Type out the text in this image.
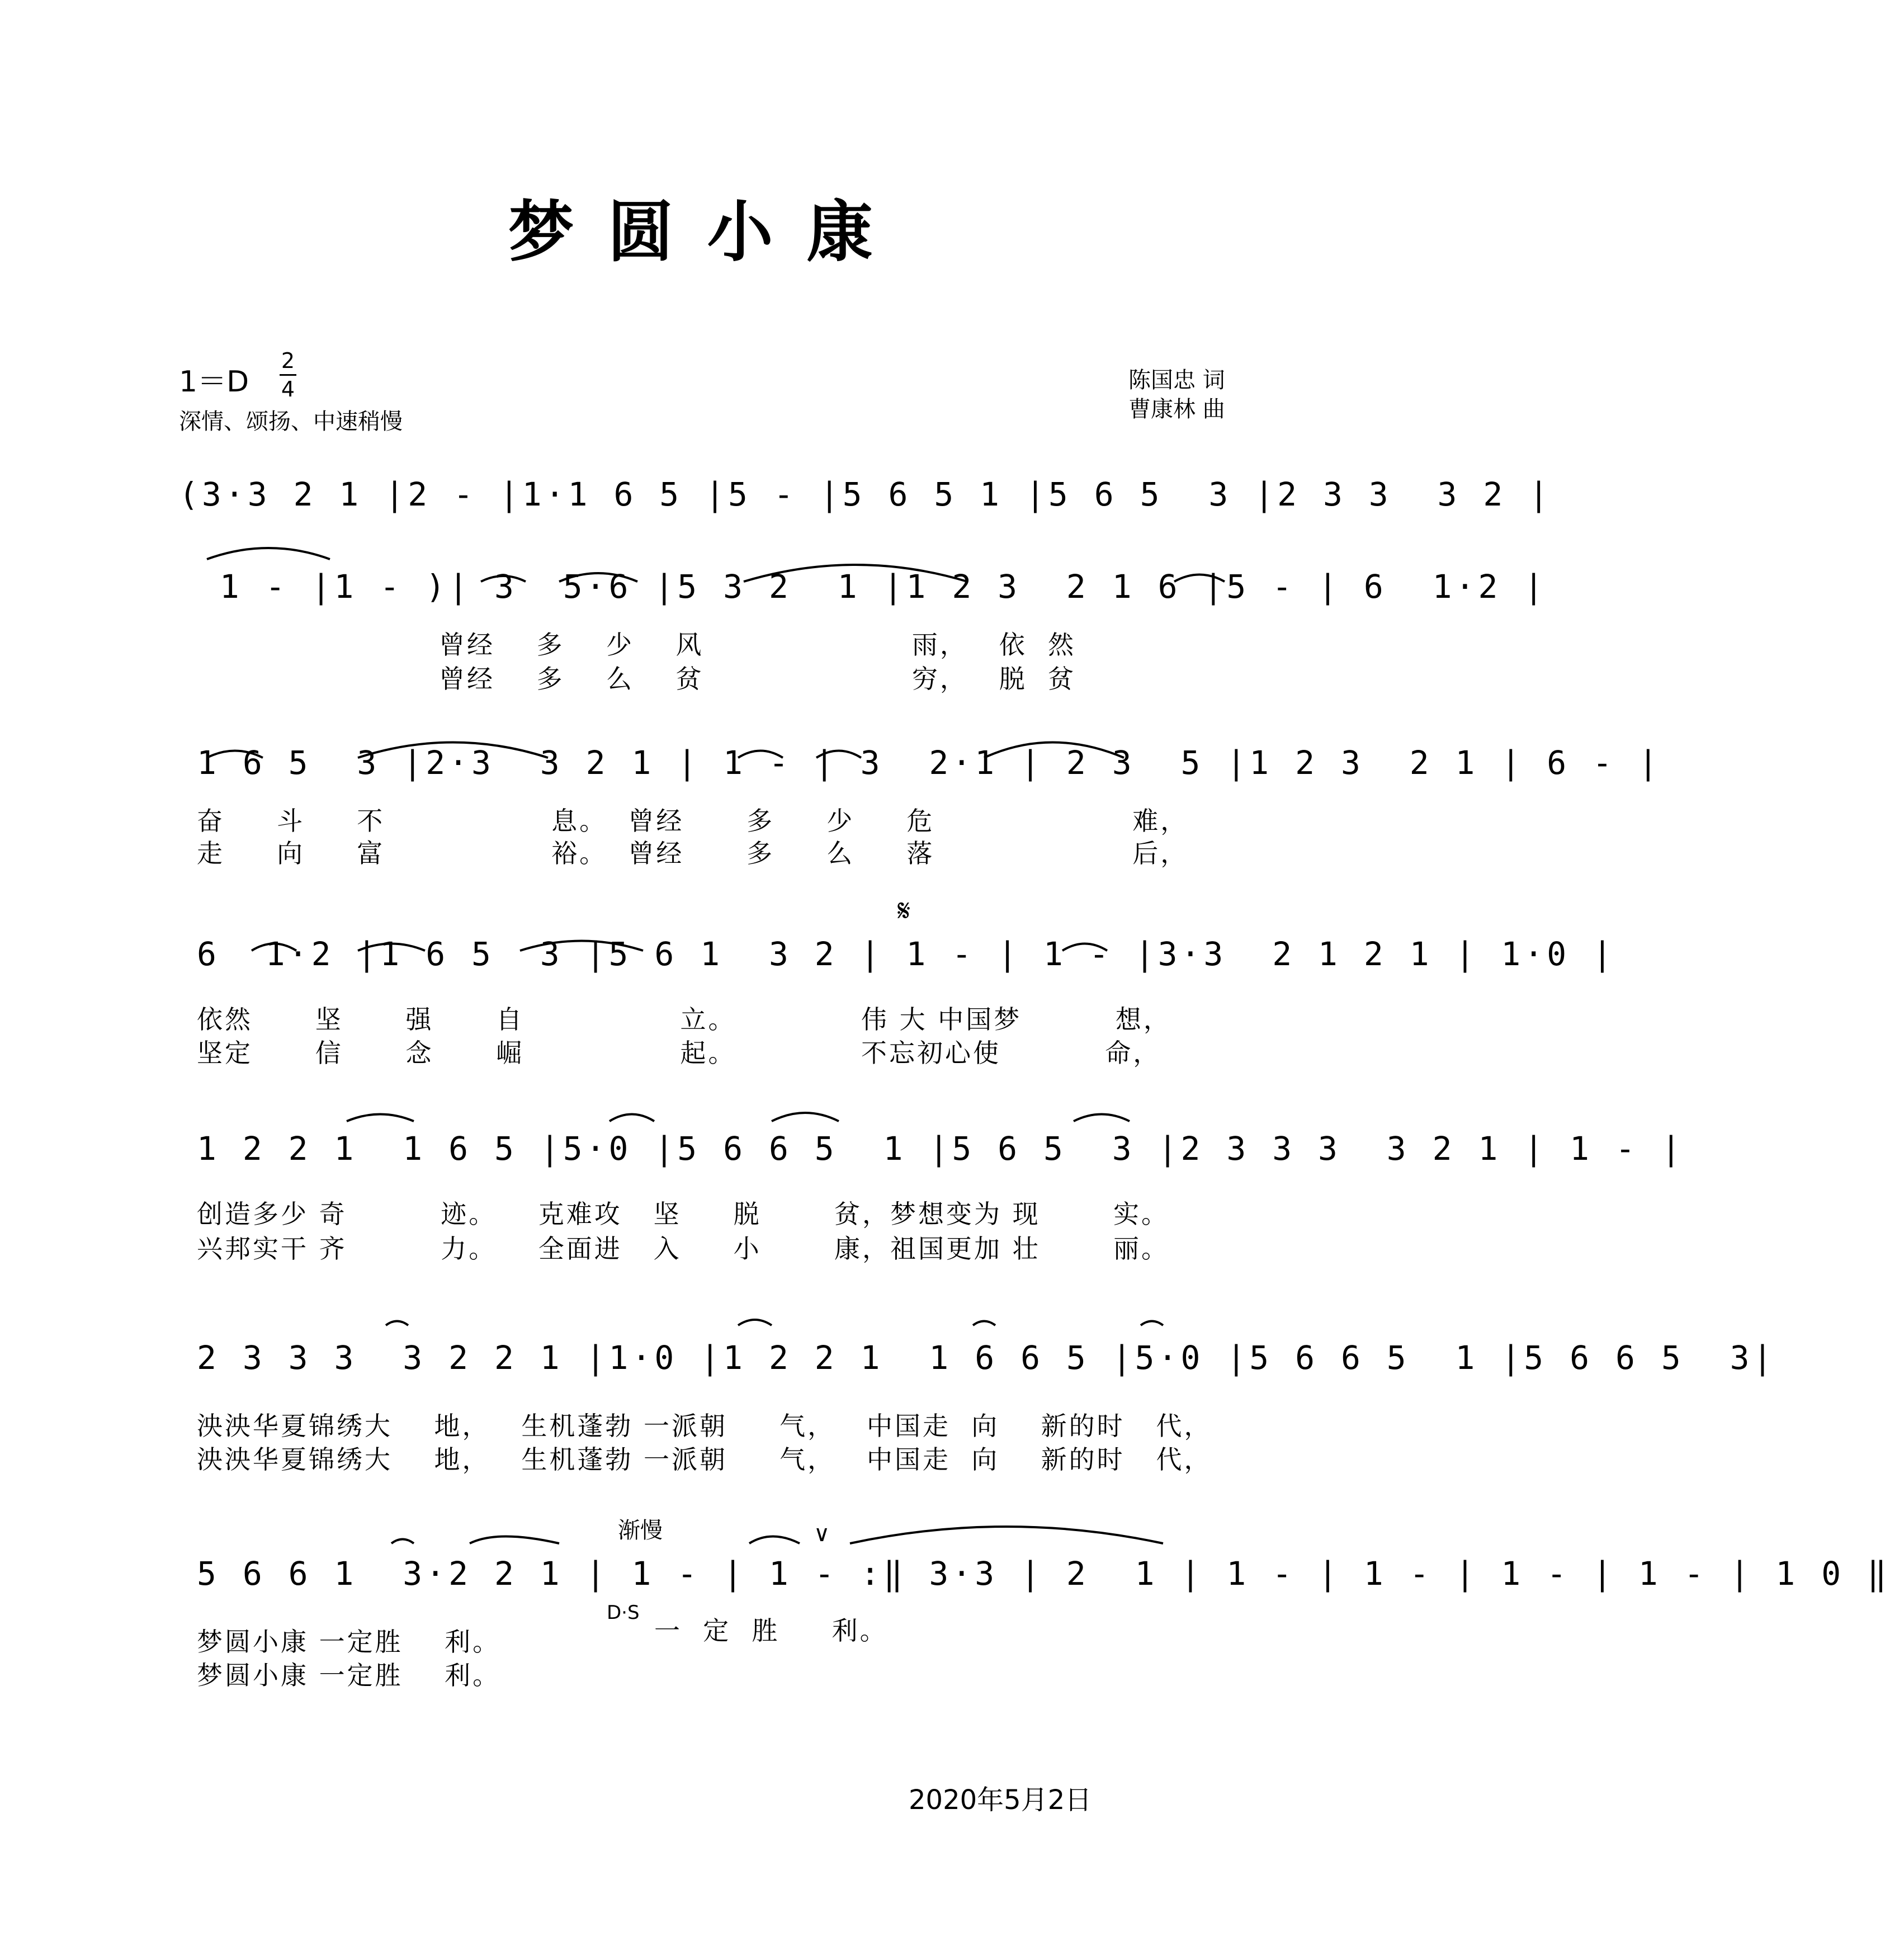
梦圆小康
1＝D
2
4
深情、颂扬、中速稍慢
陈国忠 词
曹康林 曲
(3·3 2 1 |2 - |1·1 6 5 |5 - |5 6 5 1 |5 6 5  3 |2 3 3  3 2 |
1 - |1 - )| 3  5·6 |5 3 2  1 |1 2 3  2 1 6 |5 - | 6  1·2 |
曾经    多    少    风                    雨，   依  然
曾经    多    么    贫                    穷，   脱  贫
1 6 5  3 |2·3  3 2 1 | 1 - | 3  2·1 | 2 3  5 |1 2 3  2 1 | 6 - |
奋     斗     不                息。  曾经      多     少     危                   难，
走     向     富                裕。  曾经      多     么     落                   后，
𝄋
6  1·2 |1 6 5  3 |5 6 1  3 2 | 1 - | 1 - |3·3  2 1 2 1 | 1·0 |
依然      坚      强      自               立。            伟 大 中国梦         想，
坚定      信      念      崛               起。            不忘初心使          命，
1 2 2 1  1 6 5 |5·0 |5 6 6 5  1 |5 6 5  3 |2 3 3 3  3 2 1 | 1 - |
创造多少 奇         迹。    克难攻   坚     脱       贫，梦想变为 现       实。
兴邦实干 齐         力。    全面进   入     小       康，祖国更加 壮       丽。
2 3 3 3  3 2 2 1 |1·0 |1 2 2 1  1 6 6 5 |5·0 |5 6 6 5  1 |5 6 6 5  3|
泱泱华夏锦绣大    地，   生机蓬勃 一派朝     气，   中国走  向    新的时   代，
泱泱华夏锦绣大    地，   生机蓬勃 一派朝     气，   中国走  向    新的时   代，
渐慢	∨
5 6 6 1  3·2 2 1 | 1 - | 1 - :‖ 3·3 | 2  1 | 1 - | 1 - | 1 - | 1 - | 1 0 ‖
D·S
梦圆小康 一定胜    利。
梦圆小康 一定胜    利。
一  定  胜     利。
2020年5月2日
